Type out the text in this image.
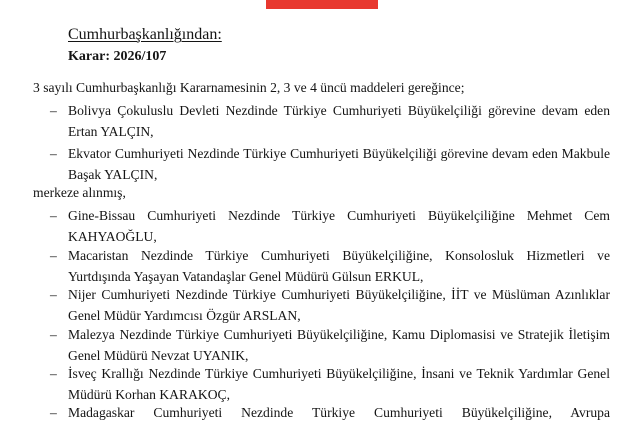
Cumhurbaşkanlığından:
Karar: 2026/107
3 sayılı Cumhurbaşkanlığı Kararnamesinin 2, 3 ve 4 üncü maddeleri gereğince;
– Bolivya Çokuluslu Devleti Nezdinde Türkiye Cumhuriyeti Büyükelçiliği görevine devam eden Ertan YALÇIN,
– Ekvator Cumhuriyeti Nezdinde Türkiye Cumhuriyeti Büyükelçiliği görevine devam eden Makbule Başak YALÇIN,
merkeze alınmış,
– Gine-Bissau Cumhuriyeti Nezdinde Türkiye Cumhuriyeti Büyükelçiliğine Mehmet Cem KAHYAOĞLU,
– Macaristan Nezdinde Türkiye Cumhuriyeti Büyükelçiliğine, Konsolosluk Hizmetleri ve Yurtdışında Yaşayan Vatandaşlar Genel Müdürü Gülsun ERKUL,
– Nijer Cumhuriyeti Nezdinde Türkiye Cumhuriyeti Büyükelçiliğine, İİT ve Müslüman Azınlıklar Genel Müdür Yardımcısı Özgür ARSLAN,
– Malezya Nezdinde Türkiye Cumhuriyeti Büyükelçiliğine, Kamu Diplomasisi ve Stratejik İletişim Genel Müdürü Nevzat UYANIK,
– İsveç Krallığı Nezdinde Türkiye Cumhuriyeti Büyükelçiliğine, İnsani ve Teknik Yardımlar Genel Müdürü Korhan KARAKOÇ,
– Madagaskar Cumhuriyeti Nezdinde Türkiye Cumhuriyeti Büyükelçiliğine, Avrupa
